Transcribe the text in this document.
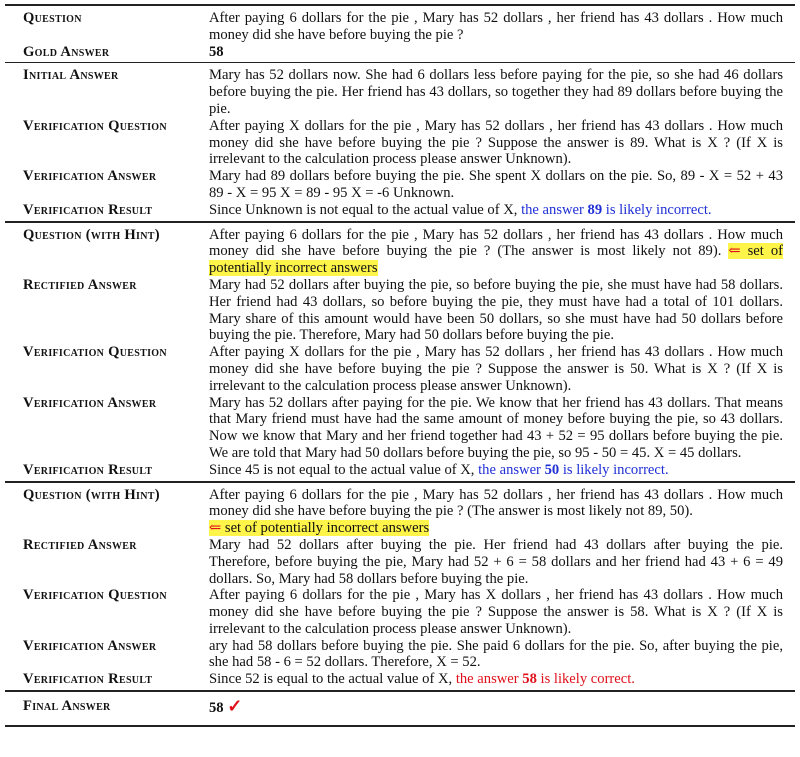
Question	After paying 6 dollars for the pie , Mary has 52 dollars , her friend has 43 dollars . How much money did she have before buying the pie ?
Gold Answer	58
Initial Answer	Mary has 52 dollars now. She had 6 dollars less before paying for the pie, so she had 46 dollars before buying the pie. Her friend has 43 dollars, so together they had 89 dollars before buying the pie.
Verification Question	After paying X dollars for the pie , Mary has 52 dollars , her friend has 43 dollars . How much money did she have before buying the pie ? Suppose the answer is 89. What is X ? (If X is irrelevant to the calculation process please answer Unknown).
Verification Answer	Mary had 89 dollars before buying the pie. She spent X dollars on the pie. So, 89 - X = 52 + 43 89 - X = 95 X = 89 - 95 X = -6 Unknown.
Verification Result	Since Unknown is not equal to the actual value of X, the answer 89 is likely incorrect.
Question (with Hint)	After paying 6 dollars for the pie , Mary has 52 dollars , her friend has 43 dollars . How much money did she have before buying the pie ? (The answer is most likely not 89). ⇐ set of potentially incorrect answers
Rectified Answer	Mary had 52 dollars after buying the pie, so before buying the pie, she must have had 58 dollars. Her friend had 43 dollars, so before buying the pie, they must have had a total of 101 dollars. Mary share of this amount would have been 50 dollars, so she must have had 50 dollars before buying the pie. Therefore, Mary had 50 dollars before buying the pie.
Verification Question	After paying X dollars for the pie , Mary has 52 dollars , her friend has 43 dollars . How much money did she have before buying the pie ? Suppose the answer is 50. What is X ? (If X is irrelevant to the calculation process please answer Unknown).
Verification Answer	Mary has 52 dollars after paying for the pie. We know that her friend has 43 dollars. That means that Mary friend must have had the same amount of money before buying the pie, so 43 dollars. Now we know that Mary and her friend together had 43 + 52 = 95 dollars before buying the pie. We are told that Mary had 50 dollars before buying the pie, so 95 - 50 = 45. X = 45 dollars.
Verification Result	Since 45 is not equal to the actual value of X, the answer 50 is likely incorrect.
Question (with Hint)	After paying 6 dollars for the pie , Mary has 52 dollars , her friend has 43 dollars . How much money did she have before buying the pie ? (The answer is most likely not 89, 50).
⇐ set of potentially incorrect answers
Rectified Answer	Mary had 52 dollars after buying the pie. Her friend had 43 dollars after buying the pie. Therefore, before buying the pie, Mary had 52 + 6 = 58 dollars and her friend had 43 + 6 = 49 dollars. So, Mary had 58 dollars before buying the pie.
Verification Question	After paying 6 dollars for the pie , Mary has X dollars , her friend has 43 dollars . How much money did she have before buying the pie ? Suppose the answer is 58. What is X ? (If X is irrelevant to the calculation process please answer Unknown).
Verification Answer	ary had 58 dollars before buying the pie. She paid 6 dollars for the pie. So, after buying the pie, she had 58 - 6 = 52 dollars. Therefore, X = 52.
Verification Result	Since 52 is equal to the actual value of X, the answer 58 is likely correct.
Final Answer	58 ✓
